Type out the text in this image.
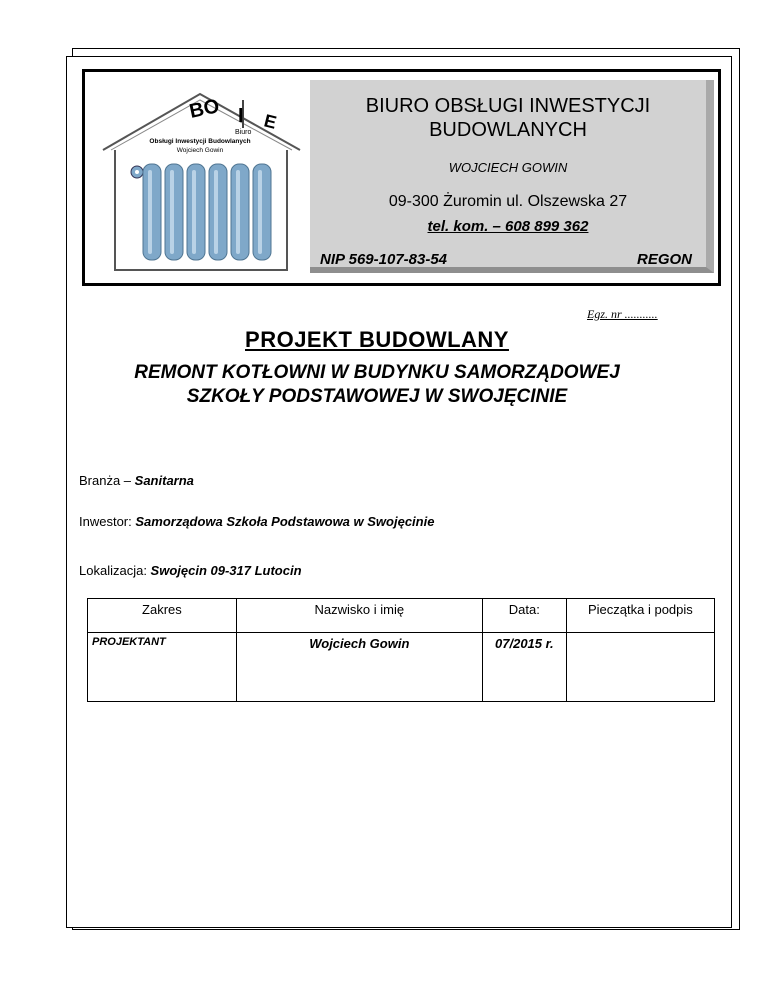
BO I E
Biuro
Obsługi Inwestycji Budowlanych
Wojciech Gowin
BIURO OBSŁUGI INWESTYCJI BUDOWLANYCH
WOJCIECH GOWIN
09-300 Żuromin ul. Olszewska 27
tel. kom. – 608 899 362
NIP 569-107-83-54	REGON
Egz. nr ...........
PROJEKT BUDOWLANY
REMONT KOTŁOWNI W BUDYNKU SAMORZĄDOWEJ SZKOŁY PODSTAWOWEJ W SWOJĘCINIE
Branża – Sanitarna
Inwestor: Samorządowa Szkoła Podstawowa w Swojęcinie
Lokalizacja: Swojęcin 09-317 Lutocin
Zakres	Nazwisko i imię	Data:	Pieczątka i podpis
PROJEKTANT	Wojciech Gowin	07/2015 r.	
